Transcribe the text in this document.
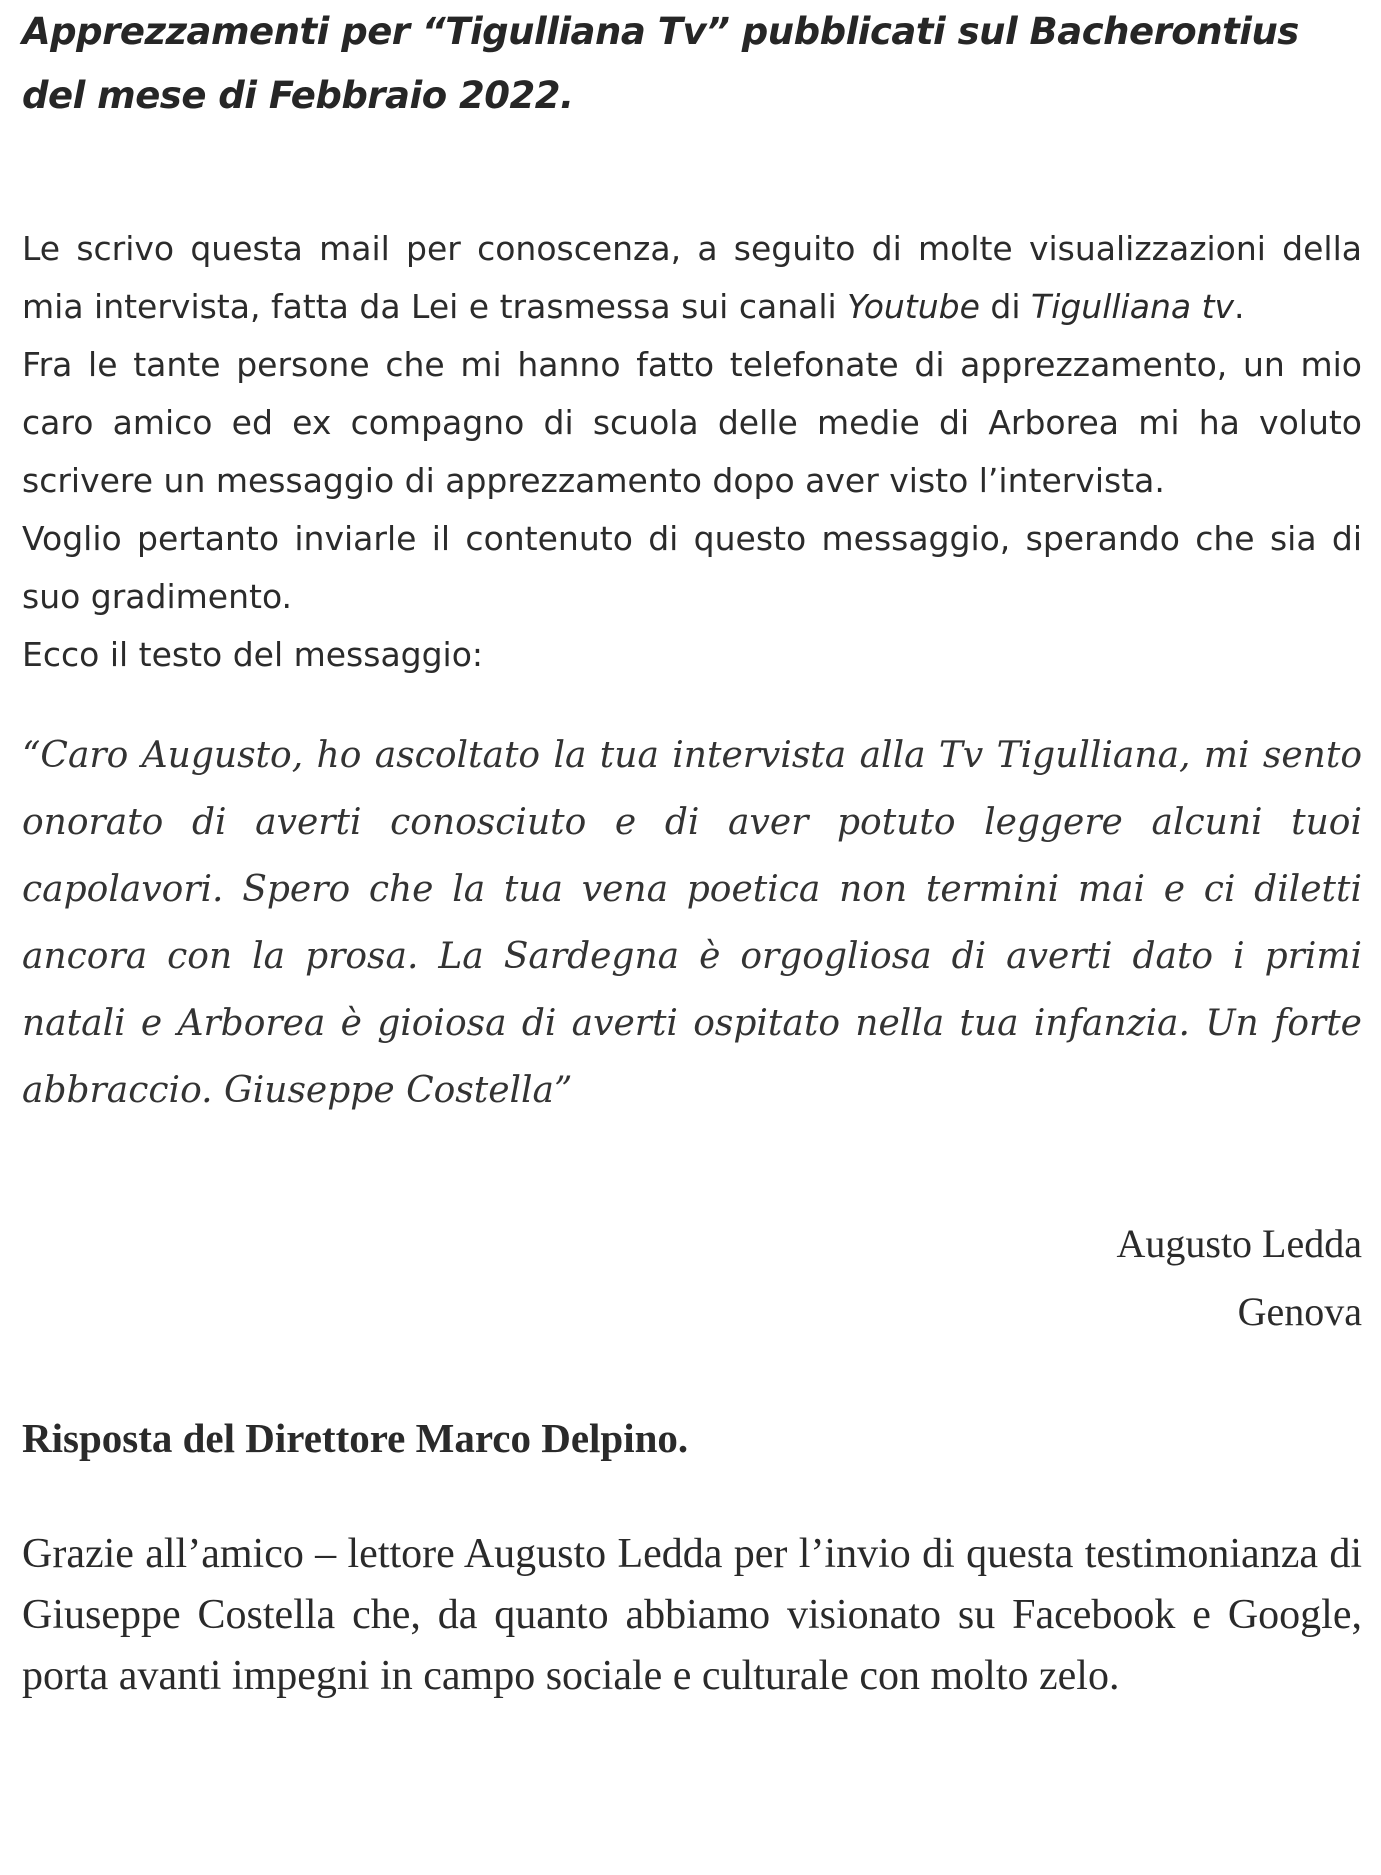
Apprezzamenti per “Tigulliana Tv” pubblicati sul Bacherontius
del mese di Febbraio 2022.

Le scrivo questa mail per conoscenza, a seguito di molte visualizzazioni della mia intervista, fatta da Lei e trasmessa sui canali Youtube di Tigulliana tv.

Fra le tante persone che mi hanno fatto telefonate di apprezzamento, un mio caro amico ed ex compagno di scuola delle medie di Arborea mi ha voluto scrivere un messaggio di apprezzamento dopo aver visto l’intervista.

Voglio pertanto inviarle il contenuto di questo messaggio, sperando che sia di suo gradimento.

Ecco il testo del messaggio:

“Caro Augusto, ho ascoltato la tua intervista alla Tv Tigulliana, mi sento onorato di averti conosciuto e di aver potuto leggere alcuni tuoi capolavori. Spero che la tua vena poetica non termini mai e ci diletti ancora con la prosa. La Sardegna è orgogliosa di averti dato i primi natali e Arborea è gioiosa di averti ospitato nella tua infanzia. Un forte abbraccio. Giuseppe Costella”
Augusto Ledda
Genova
Risposta del Direttore Marco Delpino.
Grazie all’amico – lettore Augusto Ledda per l’invio di questa testimonianza di Giuseppe Costella che, da quanto abbiamo visionato su Facebook e Google, porta avanti impegni in campo sociale e culturale con molto zelo.
